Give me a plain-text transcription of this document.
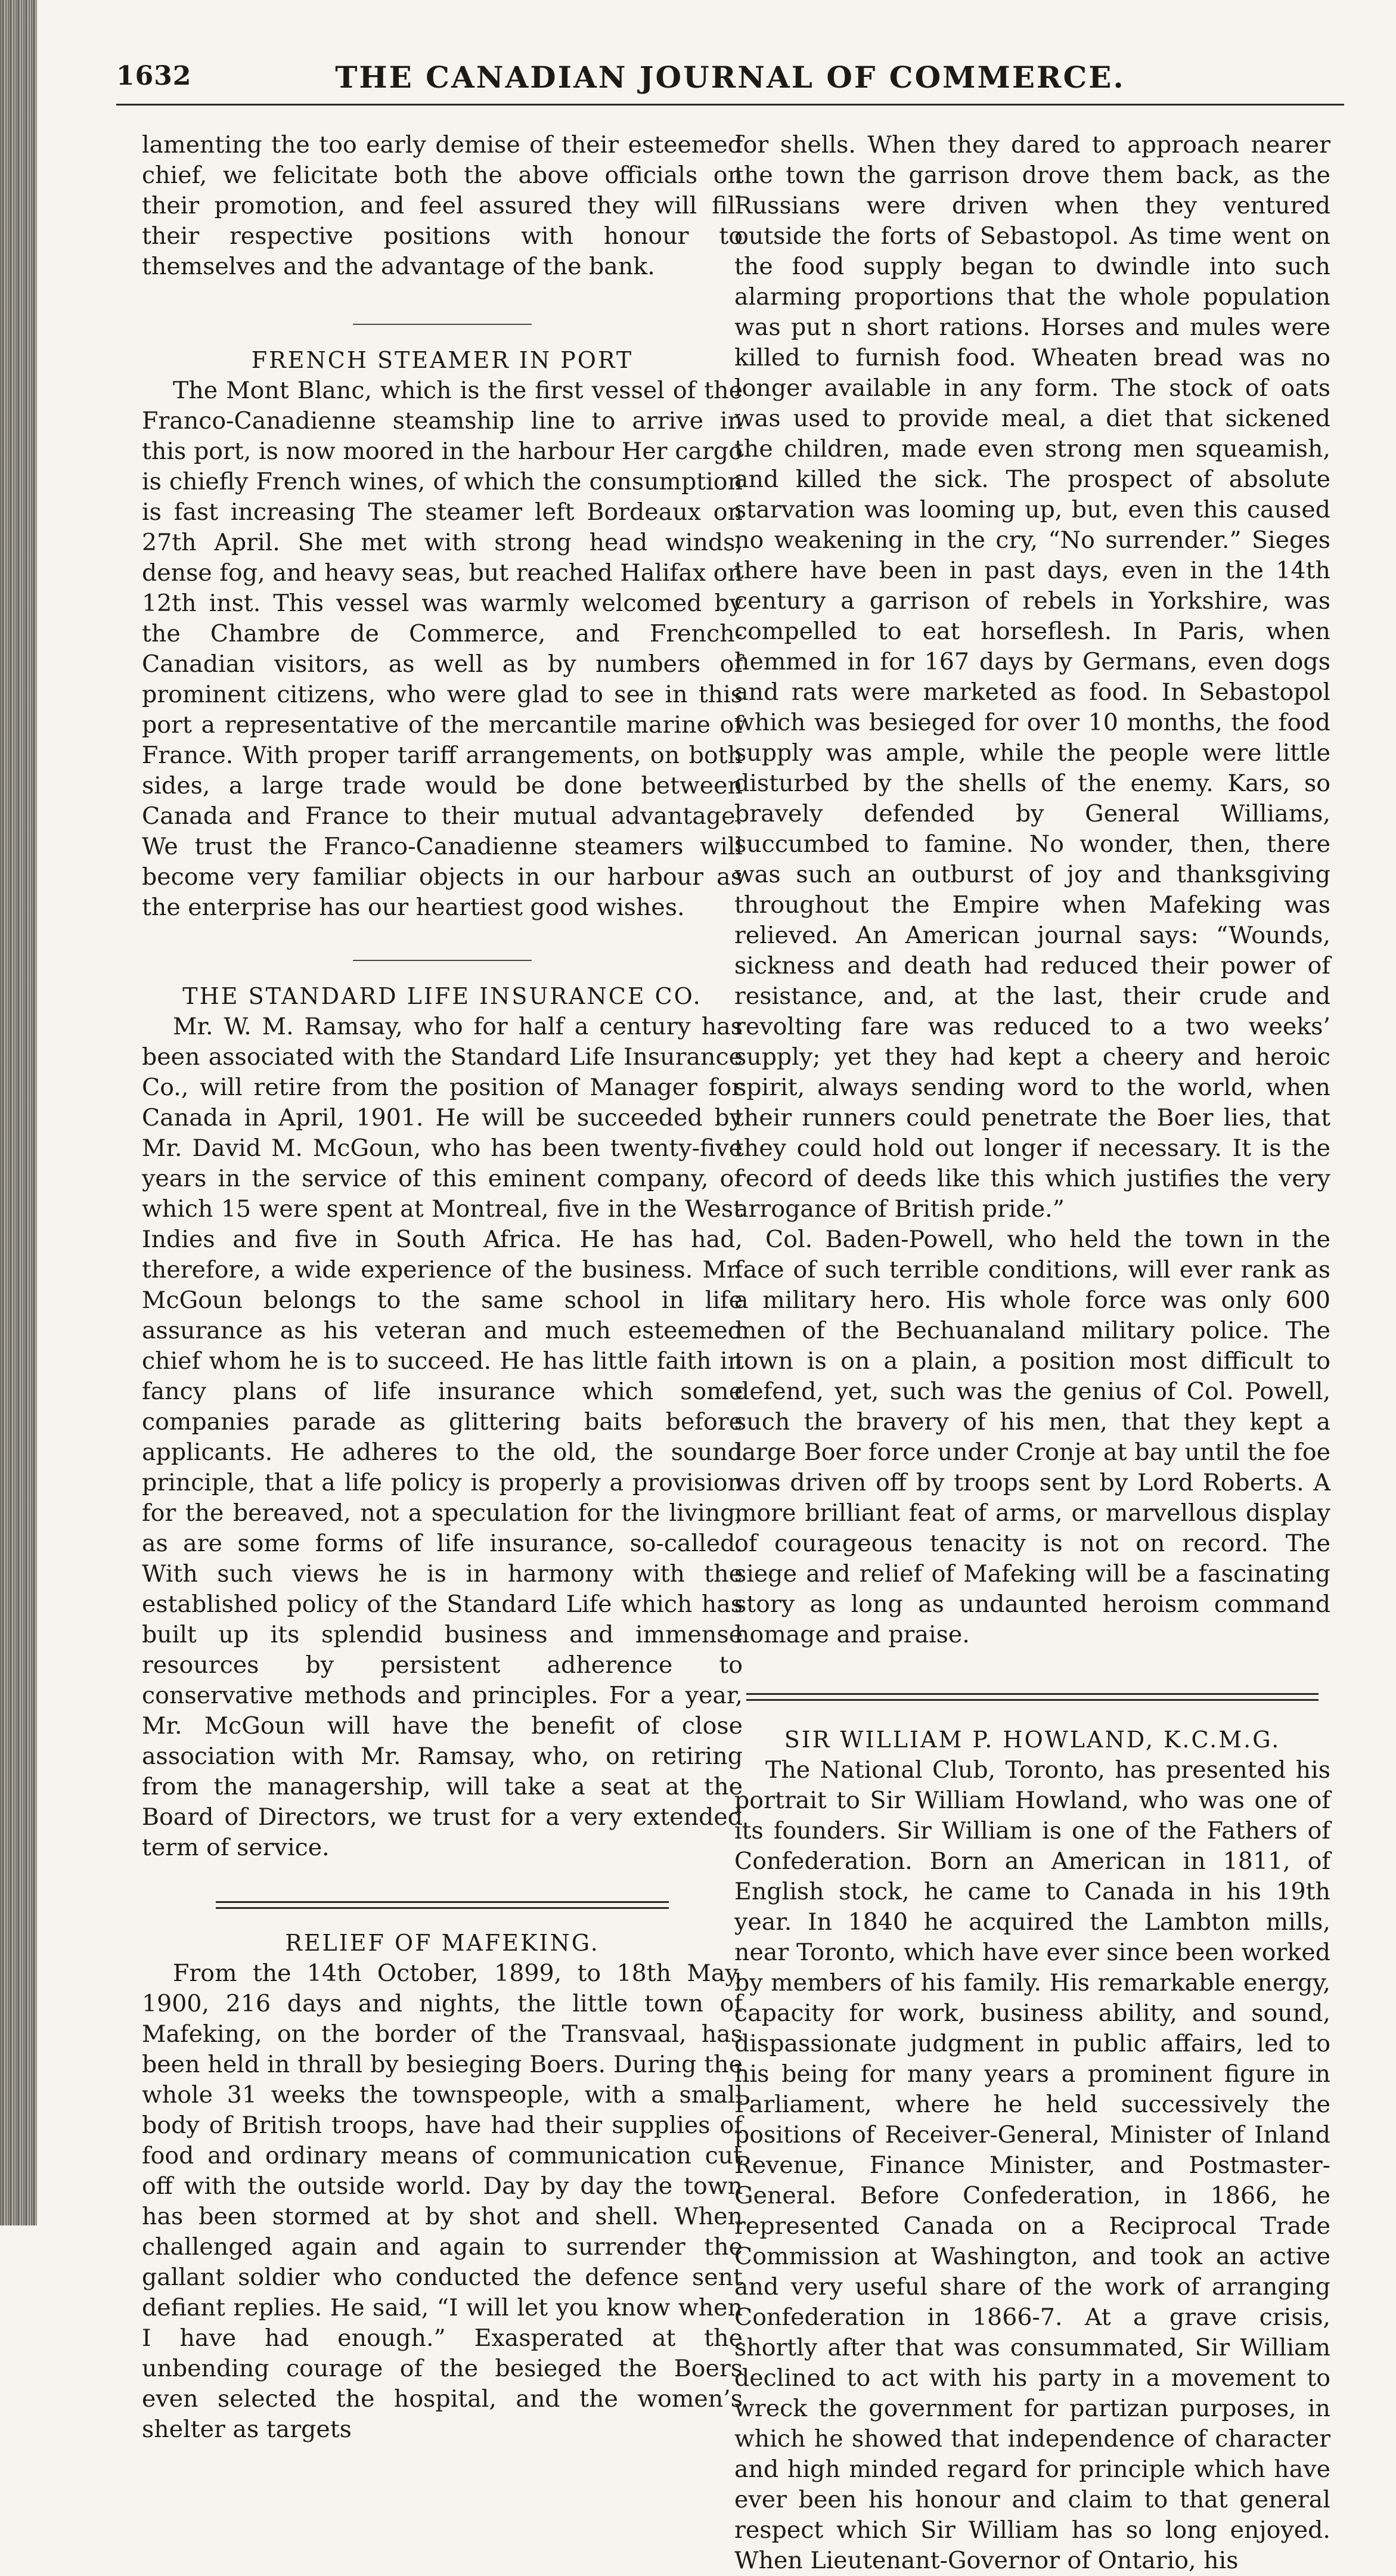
1632	THE CANADIAN JOURNAL OF COMMERCE.

lamenting the too early demise of their esteemed chief, we felicitate both the above officials on their promotion, and feel assured they will fill their respective positions with honour to themselves and the advantage of the bank.

FRENCH STEAMER IN PORT

The Mont Blanc, which is the first vessel of the Franco-Canadienne steamship line to arrive in this port, is now moored in the harbour Her cargo is chiefly French wines, of which the consumption is fast increasing The steamer left Bordeaux on 27th April. She met with strong head winds, dense fog, and heavy seas, but reached Halifax on 12th inst. This vessel was warmly welcomed by the Chambre de Commerce, and French-Canadian visitors, as well as by numbers of prominent citizens, who were glad to see in this port a representative of the mercantile marine of France. With proper tariff arrangements, on both sides, a large trade would be done between Canada and France to their mutual advantage. We trust the Franco-Canadienne steamers will become very familiar objects in our harbour as the enterprise has our heartiest good wishes.

THE STANDARD LIFE INSURANCE CO.

Mr. W. M. Ramsay, who for half a century has been associated with the Standard Life Insurance Co., will retire from the position of Manager for Canada in April, 1901. He will be succeeded by Mr. David M. McGoun, who has been twenty-five years in the service of this eminent company, of which 15 were spent at Montreal, five in the West Indies and five in South Africa. He has had, therefore, a wide experience of the business. Mr. McGoun belongs to the same school in life assurance as his veteran and much esteemed chief whom he is to succeed. He has little faith in fancy plans of life insurance which some companies parade as glittering baits before applicants. He adheres to the old, the sound principle, that a life policy is properly a provision for the bereaved, not a speculation for the living, as are some forms of life insurance, so-called. With such views he is in harmony with the established policy of the Standard Life which has built up its splendid business and immense resources by persistent adherence to conservative methods and principles. For a year, Mr. McGoun will have the benefit of close association with Mr. Ramsay, who, on retiring from the managership, will take a seat at the Board of Directors, we trust for a very extended term of service.

RELIEF OF MAFEKING.

From the 14th October, 1899, to 18th May, 1900, 216 days and nights, the little town of Mafeking, on the border of the Transvaal, has been held in thrall by besieging Boers. During the whole 31 weeks the townspeople, with a small body of British troops, have had their supplies of food and ordinary means of communication cut off with the outside world. Day by day the town has been stormed at by shot and shell. When challenged again and again to surrender the gallant soldier who conducted the defence sent defiant replies. He said, “I will let you know when I have had enough.” Exasperated at the unbending courage of the besieged the Boers even selected the hospital, and the women’s shelter as targets

for shells. When they dared to approach nearer the town the garrison drove them back, as the Russians were driven when they ventured outside the forts of Sebastopol. As time went on the food supply began to dwindle into such alarming proportions that the whole population was put n short rations. Horses and mules were killed to furnish food. Wheaten bread was no longer available in any form. The stock of oats was used to provide meal, a diet that sickened the children, made even strong men squeamish, and killed the sick. The prospect of absolute starvation was looming up, but, even this caused no weakening in the cry, “No surrender.” Sieges there have been in past days, even in the 14th century a garrison of rebels in Yorkshire, was compelled to eat horseflesh. In Paris, when hemmed in for 167 days by Germans, even dogs and rats were marketed as food. In Sebastopol which was besieged for over 10 months, the food supply was ample, while the people were little disturbed by the shells of the enemy. Kars, so bravely defended by General Williams, succumbed to famine. No wonder, then, there was such an outburst of joy and thanksgiving throughout the Empire when Mafeking was relieved. An American journal says: “Wounds, sickness and death had reduced their power of resistance, and, at the last, their crude and revolting fare was reduced to a two weeks’ supply; yet they had kept a cheery and heroic spirit, always sending word to the world, when their runners could penetrate the Boer lies, that they could hold out longer if necessary. It is the record of deeds like this which justifies the very arrogance of British pride.”

Col. Baden-Powell, who held the town in the face of such terrible conditions, will ever rank as a military hero. His whole force was only 600 men of the Bechuanaland military police. The town is on a plain, a position most difficult to defend, yet, such was the genius of Col. Powell, such the bravery of his men, that they kept a large Boer force under Cronje at bay until the foe was driven off by troops sent by Lord Roberts. A more brilliant feat of arms, or marvellous display of courageous tenacity is not on record. The siege and relief of Mafeking will be a fascinating story as long as undaunted heroism command homage and praise.

SIR WILLIAM P. HOWLAND, K.C.M.G.

The National Club, Toronto, has presented his portrait to Sir William Howland, who was one of its founders. Sir William is one of the Fathers of Confederation. Born an American in 1811, of English stock, he came to Canada in his 19th year. In 1840 he acquired the Lambton mills, near Toronto, which have ever since been worked by members of his family. His remarkable energy, capacity for work, business ability, and sound, dispassionate judgment in public affairs, led to his being for many years a prominent figure in Parliament, where he held successively the positions of Receiver-General, Minister of Inland Revenue, Finance Minister, and Postmaster-General. Before Confederation, in 1866, he represented Canada on a Reciprocal Trade Commission at Washington, and took an active and very useful share of the work of arranging Confederation in 1866-7. At a grave crisis, shortly after that was consummated, Sir William declined to act with his party in a movement to wreck the government for partizan purposes, in which he showed that independence of character and high minded regard for principle which have ever been his honour and claim to that general respect which Sir William has so long enjoyed. When Lieutenant-Governor of Ontario, his
